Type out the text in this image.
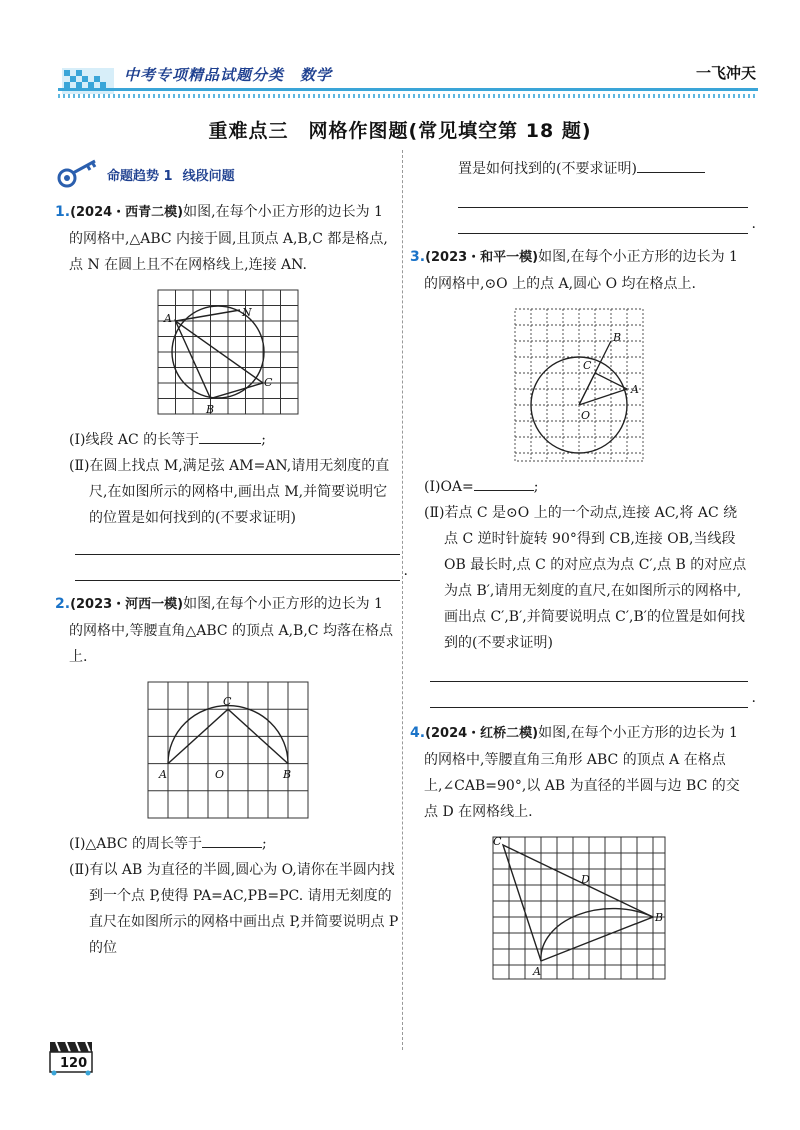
中考专项精品试题分类　数学	一飞冲天
重难点三　网格作图题(常见填空第 18 题)
命题趋势 1 线段问题
1.(2024・西青二模)如图,在每个小正方形的边长为 1 的网格中,△ABC 内接于圆,且顶点 A,B,C 都是格点,点 N 在圆上且不在网格线上,连接 AN.
A	N
C
B
(Ⅰ)线段 AC 的长等于	;
(Ⅱ)在圆上找点 M,满足弦 AM=AN,请用无刻度的直尺,在如图所示的网格中,画出点 M,并简要说明它的位置是如何找到的(不要求证明)
.
2.(2023・河西一模)如图,在每个小正方形的边长为 1 的网格中,等腰直角△ABC 的顶点 A,B,C 均落在格点上.
C
A	O	B
(Ⅰ)△ABC 的周长等于	;
(Ⅱ)有以 AB 为直径的半圆,圆心为 O,请你在半圆内找到一个点 P,使得 PA=AC,PB=PC. 请用无刻度的直尺在如图所示的网格中画出点 P,并简要说明点 P 的位
置是如何找到的(不要求证明)
.
3.(2023・和平一模)如图,在每个小正方形的边长为 1 的网格中,⊙O 上的点 A,圆心 O 均在格点上.
B
C
A
O
(Ⅰ)OA=	;
(Ⅱ)若点 C 是⊙O 上的一个动点,连接 AC,将 AC 绕点 C 逆时针旋转 90°得到 CB,连接 OB,当线段 OB 最长时,点 C 的对应点为点 C′,点 B 的对应点为点 B′,请用无刻度的直尺,在如图所示的网格中,画出点 C′,B′,并简要说明点 C′,B′的位置是如何找到的(不要求证明)
.
4.(2024・红桥二模)如图,在每个小正方形的边长为 1 的网格中,等腰直角三角形 ABC 的顶点 A 在格点上,∠CAB=90°,以 AB 为直径的半圆与边 BC 的交点 D 在网格线上.
C
D
B
A
120
